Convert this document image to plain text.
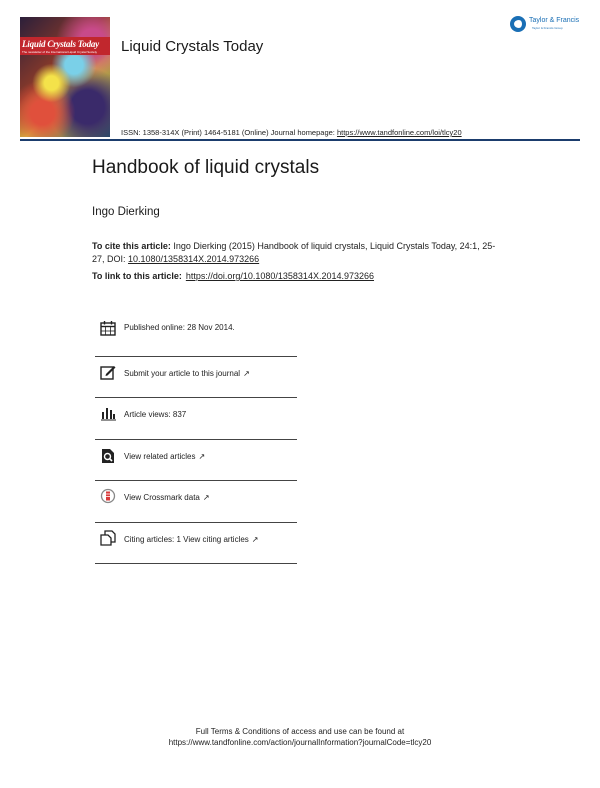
Liquid Crystals Today
The newsletter of the International Liquid Crystal Society	Liquid Crystals Today
Taylor & Francis
Taylor & Francis Group
ISSN: 1358-314X (Print) 1464-5181 (Online) Journal homepage: https://www.tandfonline.com/loi/tlcy20
Handbook of liquid crystals
Ingo Dierking
To cite this article: Ingo Dierking (2015) Handbook of liquid crystals, Liquid Crystals Today, 24:1, 25-27, DOI: 10.1080/1358314X.2014.973266
To link to this article: https://doi.org/10.1080/1358314X.2014.973266
Published online: 28 Nov 2014.
Submit your article to this journal ↗
Article views: 837
View related articles ↗
View Crossmark data ↗
Citing articles: 1 View citing articles ↗
Full Terms & Conditions of access and use can be found at
https://www.tandfonline.com/action/journalInformation?journalCode=tlcy20
